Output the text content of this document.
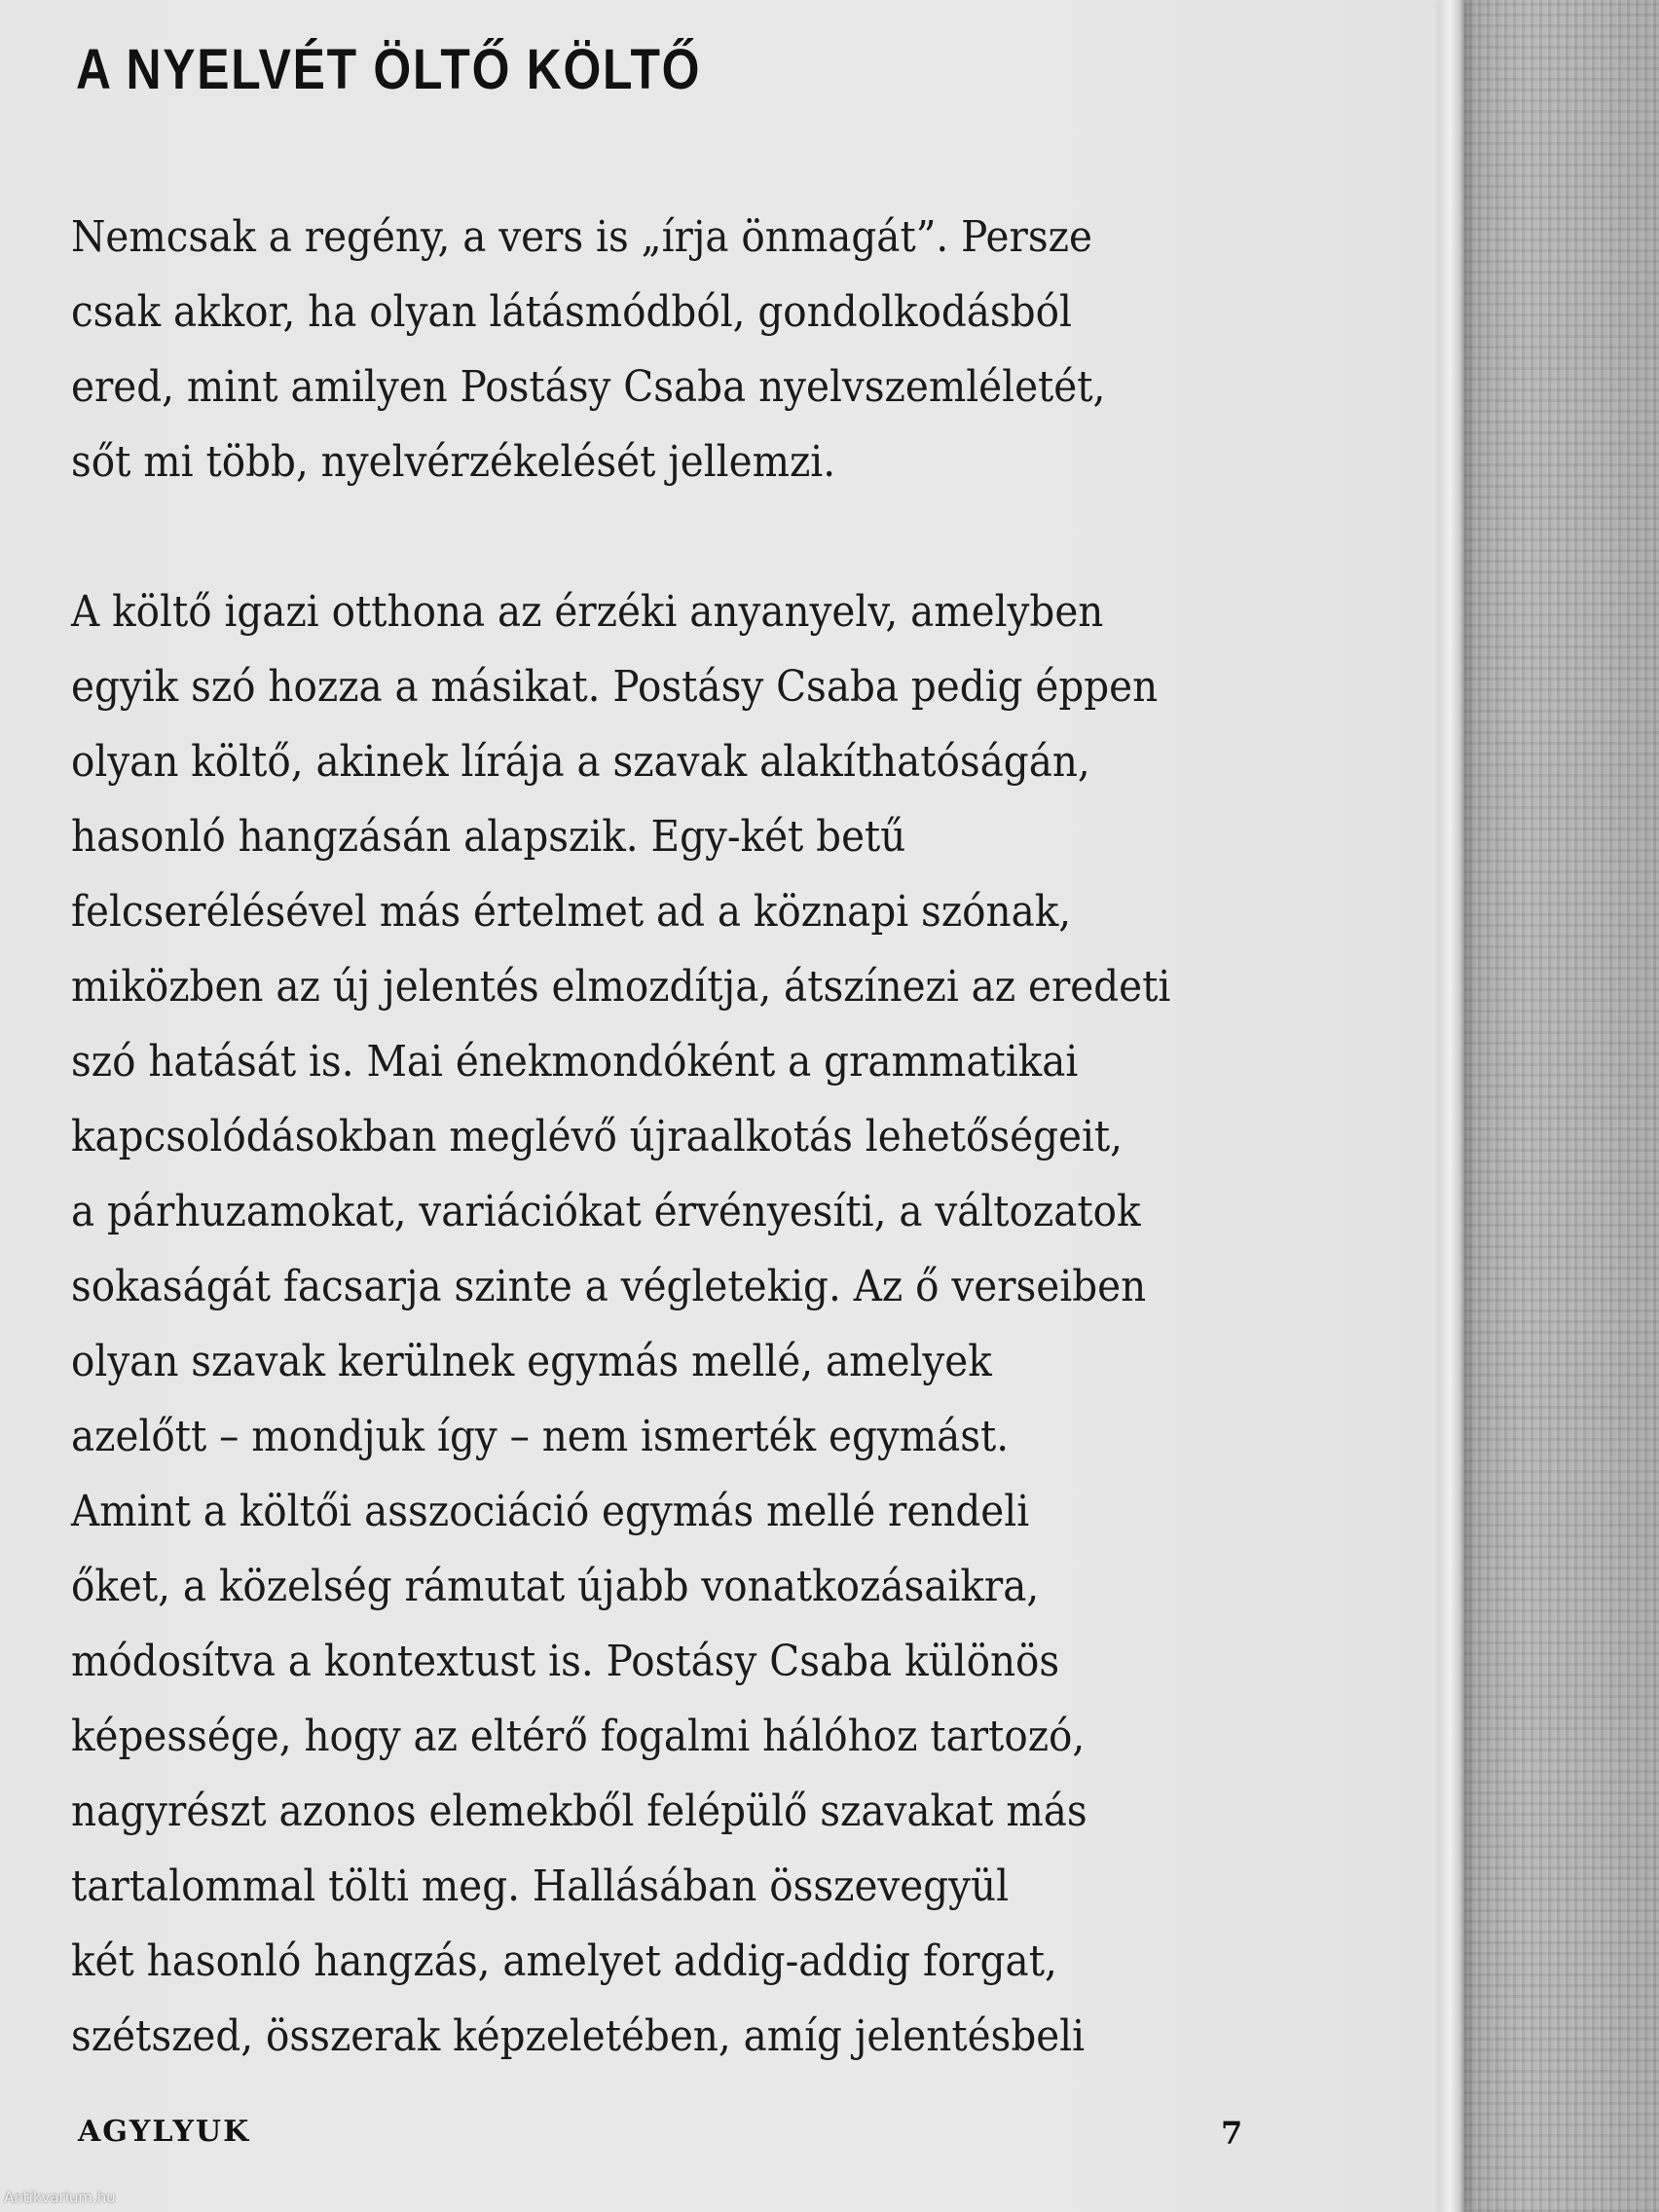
A NYELVÉT ÖLTŐ KÖLTŐ

Nemcsak a regény, a vers is „írja önmagát”. Persze
csak akkor, ha olyan látásmódból, gondolkodásból
ered, mint amilyen Postásy Csaba nyelvszemléletét,
sőt mi több, nyelvérzékelését jellemzi.

A költő igazi otthona az érzéki anyanyelv, amelyben
egyik szó hozza a másikat. Postásy Csaba pedig éppen
olyan költő, akinek lírája a szavak alakíthatóságán,
hasonló hangzásán alapszik. Egy-két betű
felcserélésével más értelmet ad a köznapi szónak,
miközben az új jelentés elmozdítja, átszínezi az eredeti
szó hatását is. Mai énekmondóként a grammatikai
kapcsolódásokban meglévő újraalkotás lehetőségeit,
a párhuzamokat, variációkat érvényesíti, a változatok
sokaságát facsarja szinte a végletekig. Az ő verseiben
olyan szavak kerülnek egymás mellé, amelyek
azelőtt – mondjuk így – nem ismerték egymást.
Amint a költői asszociáció egymás mellé rendeli
őket, a közelség rámutat újabb vonatkozásaikra,
módosítva a kontextust is. Postásy Csaba különös
képessége, hogy az eltérő fogalmi hálóhoz tartozó,
nagyrészt azonos elemekből felépülő szavakat más
tartalommal tölti meg. Hallásában összevegyül
két hasonló hangzás, amelyet addig-addig forgat,
szétszed, összerak képzeletében, amíg jelentésbeli

AGYLYUK	7
Antikvarium.hu
